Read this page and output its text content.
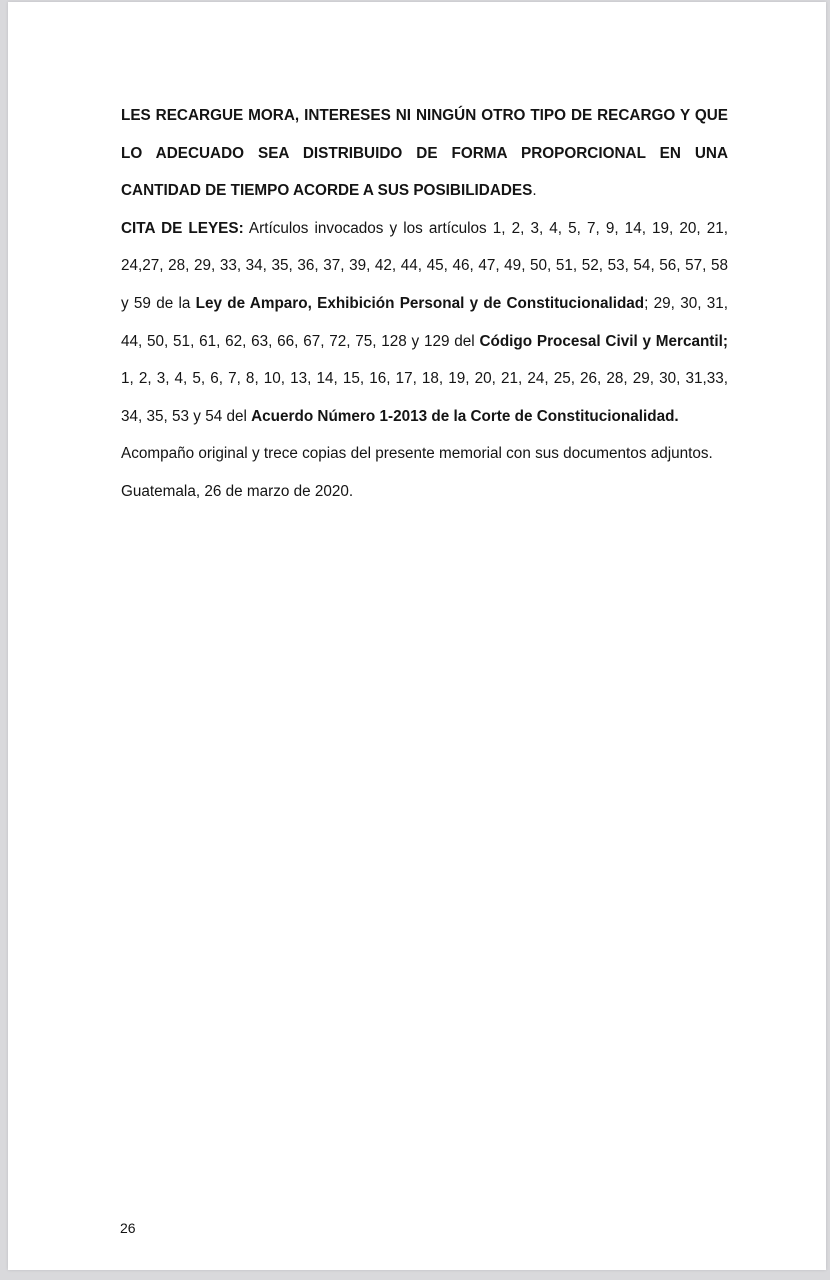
LES RECARGUE MORA, INTERESES NI NINGÚN OTRO TIPO DE RECARGO Y QUE LO ADECUADO SEA DISTRIBUIDO DE FORMA PROPORCIONAL EN UNA CANTIDAD DE TIEMPO ACORDE A SUS POSIBILIDADES.

CITA DE LEYES: Artículos invocados y los artículos 1, 2, 3, 4, 5, 7, 9, 14, 19, 20, 21, 24,27, 28, 29, 33, 34, 35, 36, 37, 39, 42, 44, 45, 46, 47, 49, 50, 51, 52, 53, 54, 56, 57, 58 y 59 de la Ley de Amparo, Exhibición Personal y de Constitucionalidad; 29, 30, 31, 44, 50, 51, 61, 62, 63, 66, 67, 72, 75, 128 y 129 del Código Procesal Civil y Mercantil; 1, 2, 3, 4, 5, 6, 7, 8, 10, 13, 14, 15, 16, 17, 18, 19, 20, 21, 24, 25, 26, 28, 29, 30, 31,33, 34, 35, 53 y 54 del Acuerdo Número 1-2013 de la Corte de Constitucionalidad.

Acompaño original y trece copias del presente memorial con sus documentos adjuntos.

Guatemala, 26 de marzo de 2020.

26
